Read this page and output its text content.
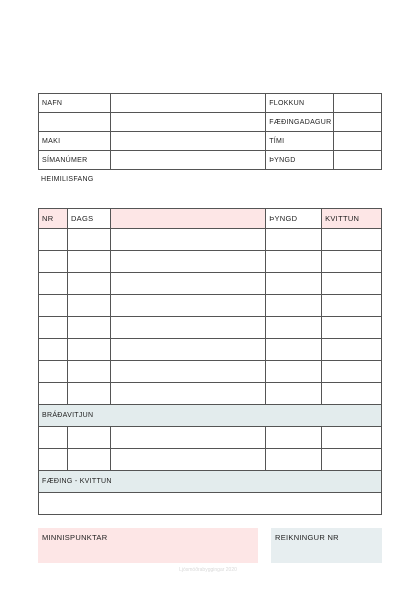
NAFN		FLOKKUN	
		FÆÐINGADAGUR	
MAKI		TÍMI	
SÍMANÚMER		ÞYNGD	
HEIMILISFANG
NR	DAGS		ÞYNGD	KVITTUN

BRÁÐAVITJUN				

FÆÐING - KVITTUN				

MINNISPUNKTAR	REIKNINGUR NR
Ljósmóðrabyggingar 2020
